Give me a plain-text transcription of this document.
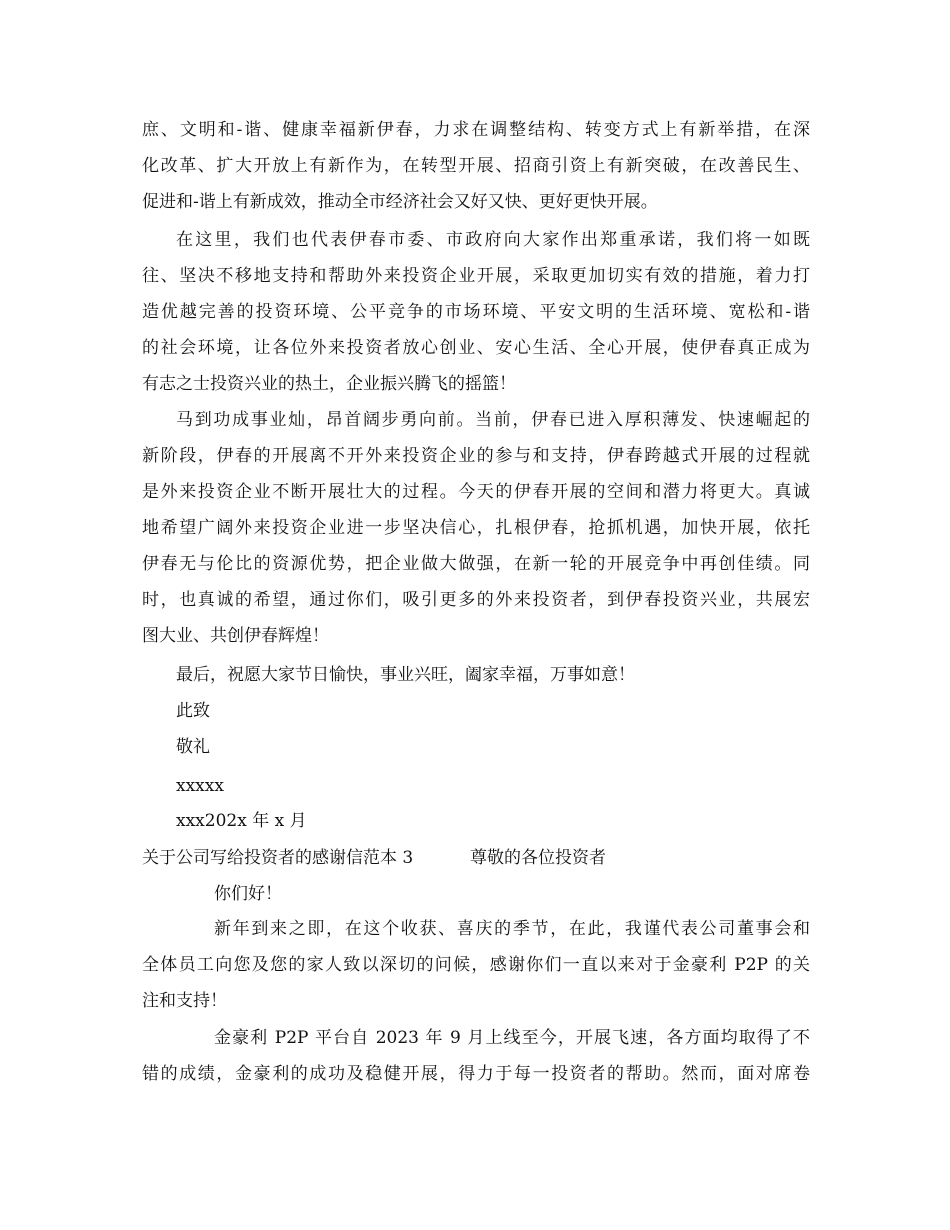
庶、文明和-谐、健康幸福新伊春，力求在调整结构、转变方式上有新举措，在深
化改革、扩大开放上有新作为，在转型开展、招商引资上有新突破，在改善民生、
促进和-谐上有新成效，推动全市经济社会又好又快、更好更快开展。
在这里，我们也代表伊春市委、市政府向大家作出郑重承诺，我们将一如既
往、坚决不移地支持和帮助外来投资企业开展，采取更加切实有效的措施，着力打
造优越完善的投资环境、公平竞争的市场环境、平安文明的生活环境、宽松和-谐
的社会环境，让各位外来投资者放心创业、安心生活、全心开展，使伊春真正成为
有志之士投资兴业的热土，企业振兴腾飞的摇篮！
马到功成事业灿，昂首阔步勇向前。当前，伊春已进入厚积薄发、快速崛起的
新阶段，伊春的开展离不开外来投资企业的参与和支持，伊春跨越式开展的过程就
是外来投资企业不断开展壮大的过程。今天的伊春开展的空间和潜力将更大。真诚
地希望广阔外来投资企业进一步坚决信心，扎根伊春，抢抓机遇，加快开展，依托
伊春无与伦比的资源优势，把企业做大做强，在新一轮的开展竞争中再创佳绩。同
时，也真诚的希望，通过你们，吸引更多的外来投资者，到伊春投资兴业，共展宏
图大业、共创伊春辉煌！
最后，祝愿大家节日愉快，事业兴旺，阖家幸福，万事如意！
此致
敬礼
xxxxx
xxx202x 年 x 月
关于公司写给投资者的感谢信范本 3	尊敬的各位投资者
你们好！
新年到来之即，在这个收获、喜庆的季节，在此，我谨代表公司董事会和
全体员工向您及您的家人致以深切的问候，感谢你们一直以来对于金豪利 P2P 的关
注和支持！
金豪利 P2P 平台自 2023 年 9 月上线至今，开展飞速，各方面均取得了不
错的成绩，金豪利的成功及稳健开展，得力于每一投资者的帮助。然而，面对席卷
